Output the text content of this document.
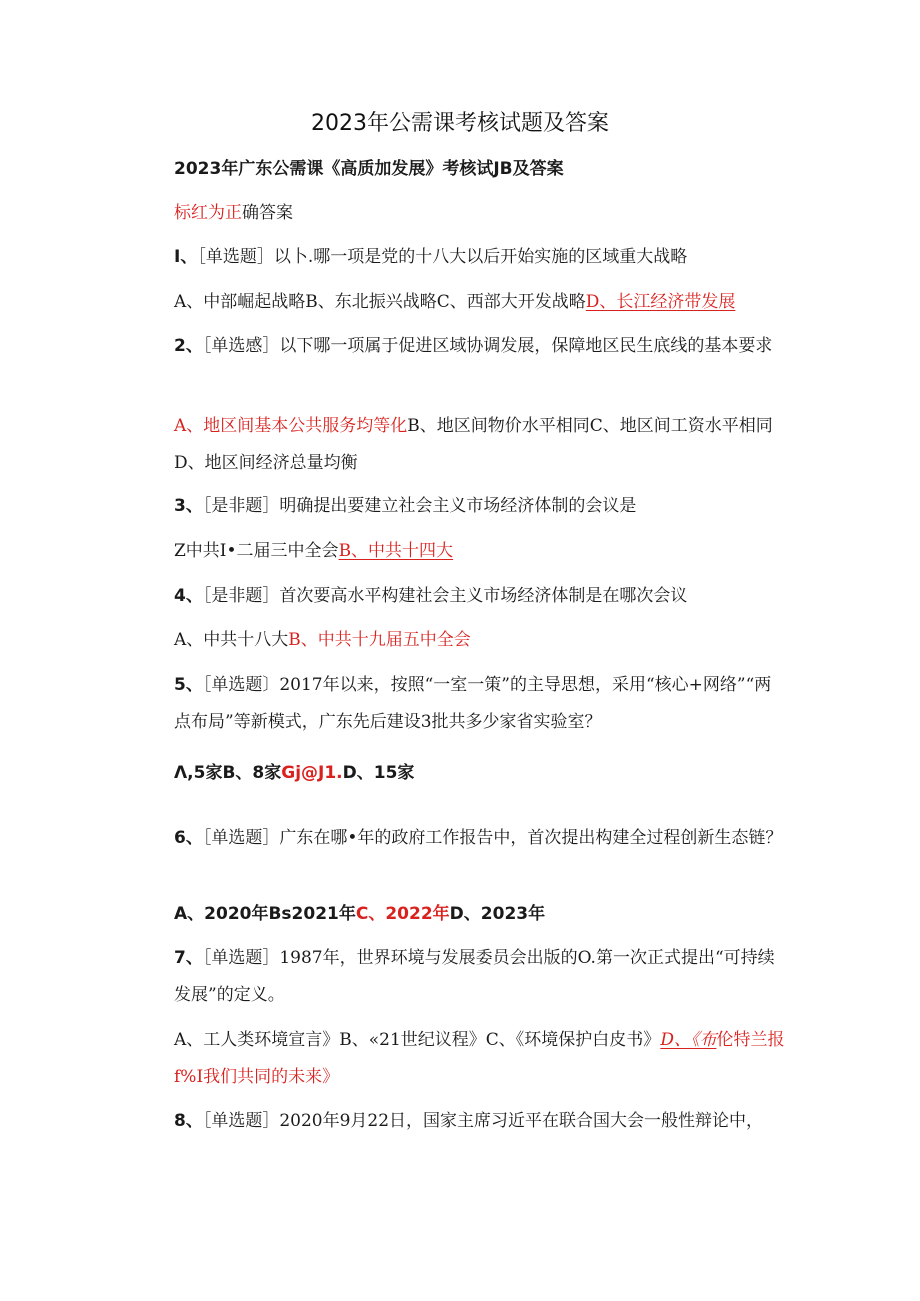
2023年公需课考核试题及答案
2023年广东公需课《高质加发展》考核试JB及答案
标红为正确答案
I、［单选题］以卜.哪一项是党的十八大以后开始实施的区域重大战略
A、中部崛起战略B、东北振兴战略C、西部大开发战略D、长江经济带发展
2、［单选感］以下哪一项属于促进区域协调发展，保障地区民生底线的基本要求
A、地区间基本公共服务均等化B、地区间物价水平相同C、地区间工资水平相同D、地区间经济总量均衡
3、［是非题］明确提出要建立社会主义市场经济体制的会议是
Z中共I•二届三中全会B、中共十四大
4、［是非题］首次要高水平构建社会主义市场经济体制是在哪次会议
A、中共十八大B、中共十九届五中全会
5、［单选题〕2017年以来，按照“一室一策”的主导思想，采用“核心+网络”“两点布局”等新模式，广东先后建设3批共多少家省实验室？
Λ,5家B、8家Gj@J1.D、15家
6、［单选题］广东在哪•年的政府工作报告中，首次提出构建全过程创新生态链？
A、2020年Bs2021年C、2022年D、2023年
7、［单选题］1987年，世界环境与发展委员会出版的O.第一次正式提出“可持续发展”的定义。
A、工人类环境宣言》B、«21世纪议程》C、《环境保护白皮书》D、《布伦特兰报f%I我们共同的未来》
8、［单选题］2020年9月22日，国家主席习近平在联合国大会一般性辩论中，
